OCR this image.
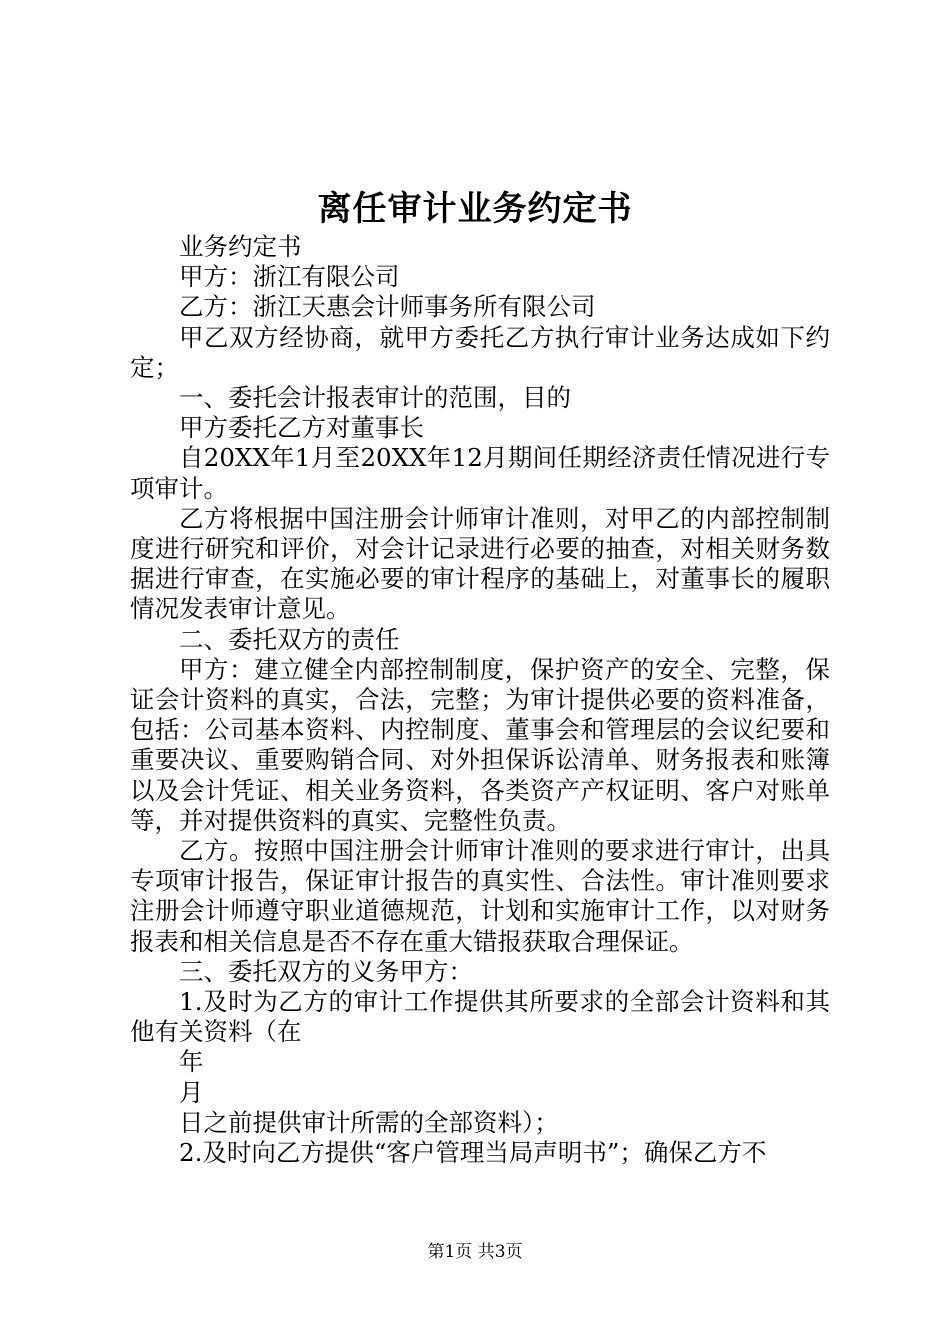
离任审计业务约定书

业务约定书

甲方：浙江有限公司

乙方：浙江天惠会计师事务所有限公司

甲乙双方经协商，就甲方委托乙方执行审计业务达成如下约定；

一、委托会计报表审计的范围，目的

甲方委托乙方对董事长

自20XX年1月至20XX年12月期间任期经济责任情况进行专项审计。

乙方将根据中国注册会计师审计准则，对甲乙的内部控制制度进行研究和评价，对会计记录进行必要的抽查，对相关财务数据进行审查，在实施必要的审计程序的基础上，对董事长的履职情况发表审计意见。

二、委托双方的责任

甲方：建立健全内部控制制度，保护资产的安全、完整，保证会计资料的真实，合法，完整；为审计提供必要的资料准备，包括：公司基本资料、内控制度、董事会和管理层的会议纪要和重要决议、重要购销合同、对外担保诉讼清单、财务报表和账簿以及会计凭证、相关业务资料，各类资产产权证明、客户对账单等，并对提供资料的真实、完整性负责。

乙方。按照中国注册会计师审计准则的要求进行审计，出具专项审计报告，保证审计报告的真实性、合法性。审计准则要求注册会计师遵守职业道德规范，计划和实施审计工作，以对财务报表和相关信息是否不存在重大错报获取合理保证。

三、委托双方的义务甲方：

1.及时为乙方的审计工作提供其所要求的全部会计资料和其他有关资料（在

年

月

日之前提供审计所需的全部资料）；

2.及时向乙方提供“客户管理当局声明书”；确保乙方不

第1页 共3页
